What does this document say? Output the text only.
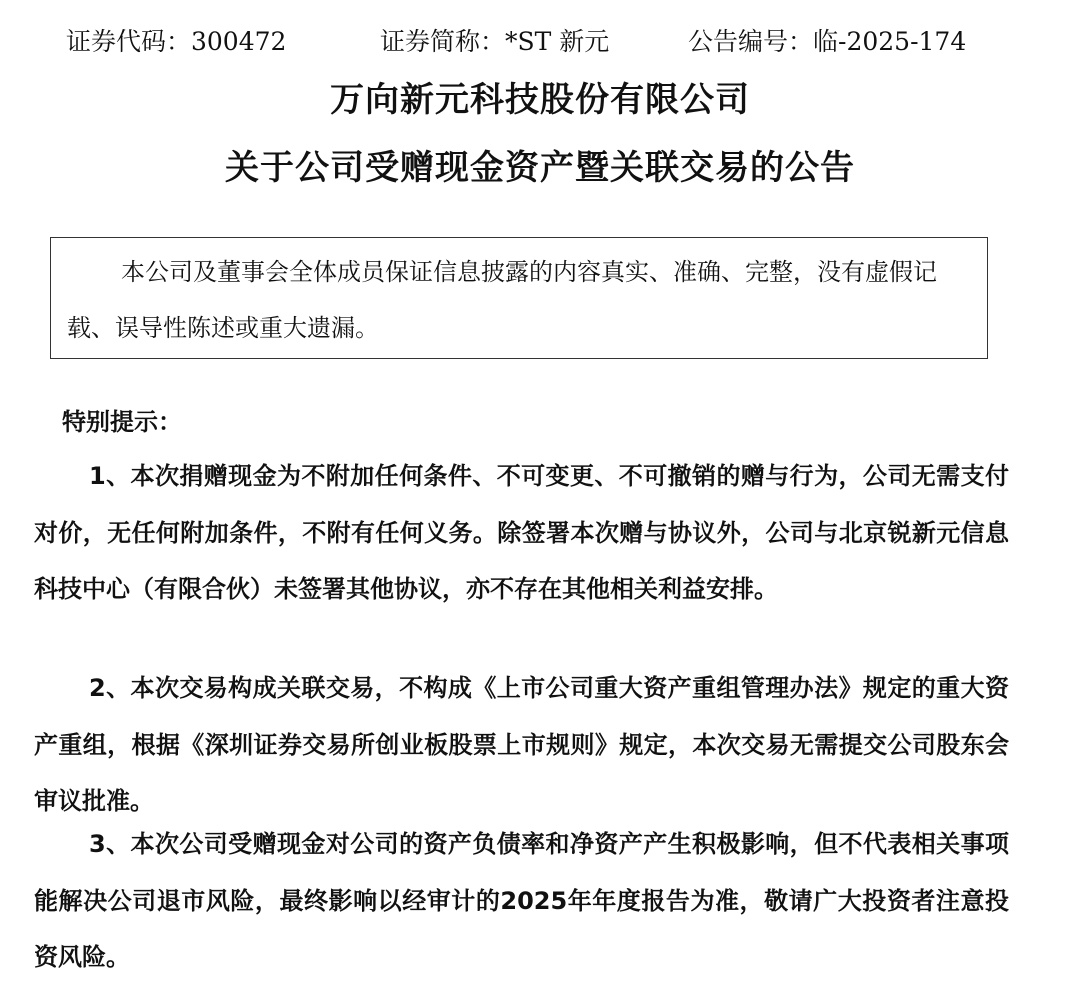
证券代码：300472	证券简称：*ST 新元	公告编号：临-2025-174
万向新元科技股份有限公司
关于公司受赠现金资产暨关联交易的公告

本公司及董事会全体成员保证信息披露的内容真实、准确、完整，没有虚假记载、误导性陈述或重大遗漏。

特别提示：

1、本次捐赠现金为不附加任何条件、不可变更、不可撤销的赠与行为，公司无需支付对价，无任何附加条件，不附有任何义务。除签署本次赠与协议外，公司与北京锐新元信息科技中心（有限合伙）未签署其他协议，亦不存在其他相关利益安排。

2、本次交易构成关联交易，不构成《上市公司重大资产重组管理办法》规定的重大资产重组，根据《深圳证券交易所创业板股票上市规则》规定，本次交易无需提交公司股东会审议批准。

3、本次公司受赠现金对公司的资产负债率和净资产产生积极影响，但不代表相关事项能解决公司退市风险，最终影响以经审计的2025年年度报告为准，敬请广大投资者注意投资风险。
